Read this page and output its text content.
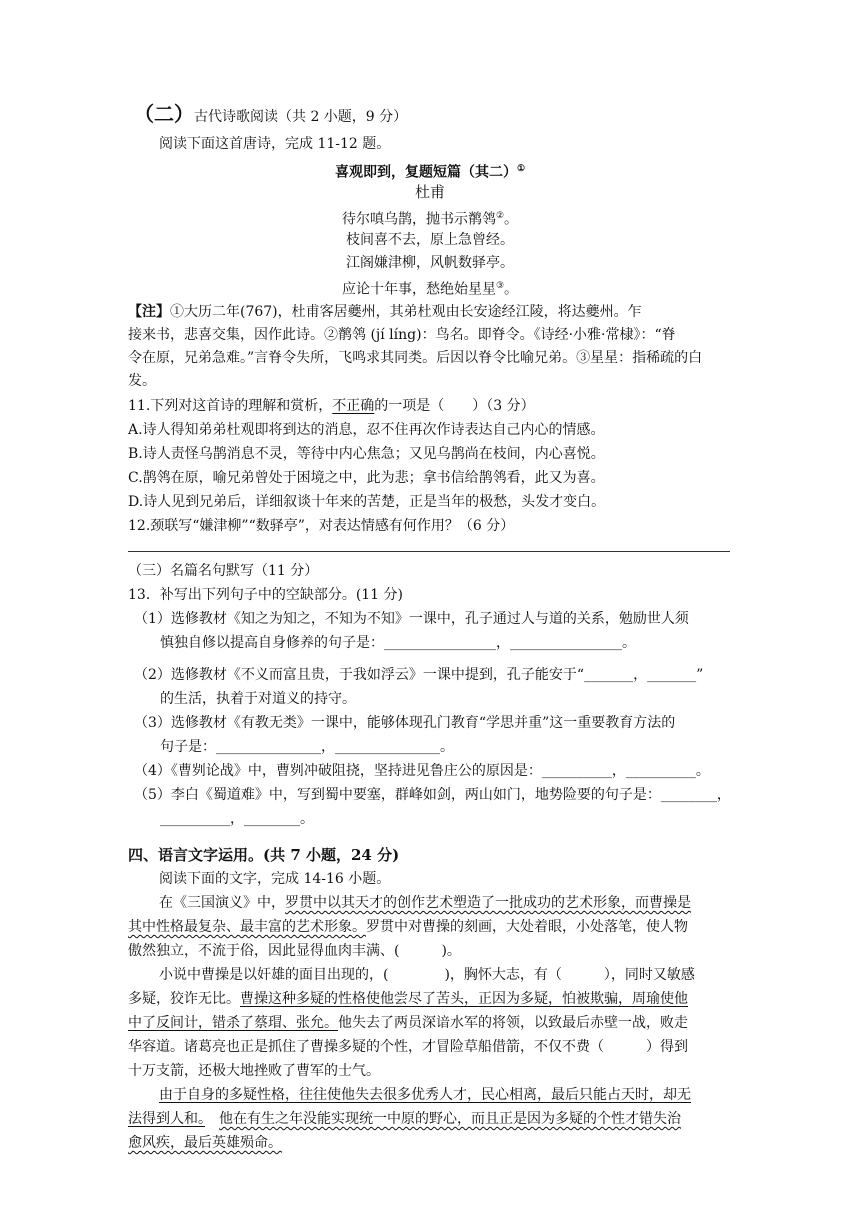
（二）古代诗歌阅读（共 2 小题，9 分）
阅读下面这首唐诗，完成 11-12 题。
喜观即到，复题短篇（其二）①
杜甫
待尔嗔乌鹊，抛书示鹡鸰②。
枝间喜不去，原上急曾经。
江阁嫌津柳，风帆数驿亭。
应论十年事，愁绝始星星③。
【注】①大历二年(767)，杜甫客居夔州，其弟杜观由长安途经江陵，将达夔州。乍
接来书，悲喜交集，因作此诗。②鹡鸰 (jí líng)：鸟名。即脊令。《诗经·小雅·常棣》：“脊
令在原，兄弟急难。”言脊令失所，飞鸣求其同类。后因以脊令比喻兄弟。③星星：指稀疏的白
发。
11.下列对这首诗的理解和赏析，不正确的一项是（　　）（3 分）
A.诗人得知弟弟杜观即将到达的消息，忍不住再次作诗表达自己内心的情感。
B.诗人责怪乌鹊消息不灵，等待中内心焦急；又见乌鹊尚在枝间，内心喜悦。
C.鹊鸰在原，喻兄弟曾处于困境之中，此为悲；拿书信给鹊鸰看，此又为喜。
D.诗人见到兄弟后，详细叙谈十年来的苦楚，正是当年的极愁，头发才变白。
12.颈联写“嫌津柳”“数驿亭”，对表达情感有何作用？（6 分）
（三）名篇名句默写（11 分）
13．补写出下列句子中的空缺部分。(11 分)
（1）选修教材《知之为知之，不知为不知》一课中，孔子通过人与道的关系，勉励世人须
慎独自修以提高自身修养的句子是：________________，________________。
（2）选修教材《不义而富且贵，于我如浮云》一课中提到，孔子能安于“_______，_______”
的生活，执着于对道义的持守。
（3）选修教材《有教无类》一课中，能够体现孔门教育“学思并重”这一重要教育方法的
句子是：_______________，_______________。
（4）《曹刿论战》中，曹刿冲破阻挠，坚持进见鲁庄公的原因是：__________，__________。
（5）李白《蜀道难》中，写到蜀中要塞，群峰如剑，两山如门，地势险要的句子是：________，
__________，________。
四、语言文字运用。(共 7 小题，24 分)
阅读下面的文字，完成 14-16 小题。
在《三国演义》中，罗贯中以其天才的创作艺术塑造了一批成功的艺术形象，而曹操是
其中性格最复杂、最丰富的艺术形象。罗贯中对曹操的刻画，大处着眼，小处落笔，使人物
傲然独立，不流于俗，因此显得血肉丰满、(　　　)。
小说中曹操是以奸雄的面目出现的，(　　　　)，胸怀大志，有（　　　），同时又敏感
多疑，狡诈无比。曹操这种多疑的性格使他尝尽了苦头，正因为多疑，怕被欺骗，周瑜使他
中了反间计，错杀了蔡瑁、张允。他失去了两员深谙水军的将领，以致最后赤壁一战，败走
华容道。诸葛亮也正是抓住了曹操多疑的个性，才冒险草船借箭，不仅不费（　　　）得到
十万支箭，还极大地挫败了曹军的士气。
由于自身的多疑性格，往往使他失去很多优秀人才，民心相离，最后只能占天时，却无
法得到人和。　 他在有生之年没能实现统一中原的野心，而且正是因为多疑的个性才错失治
愈风疾，最后英雄殒命。
